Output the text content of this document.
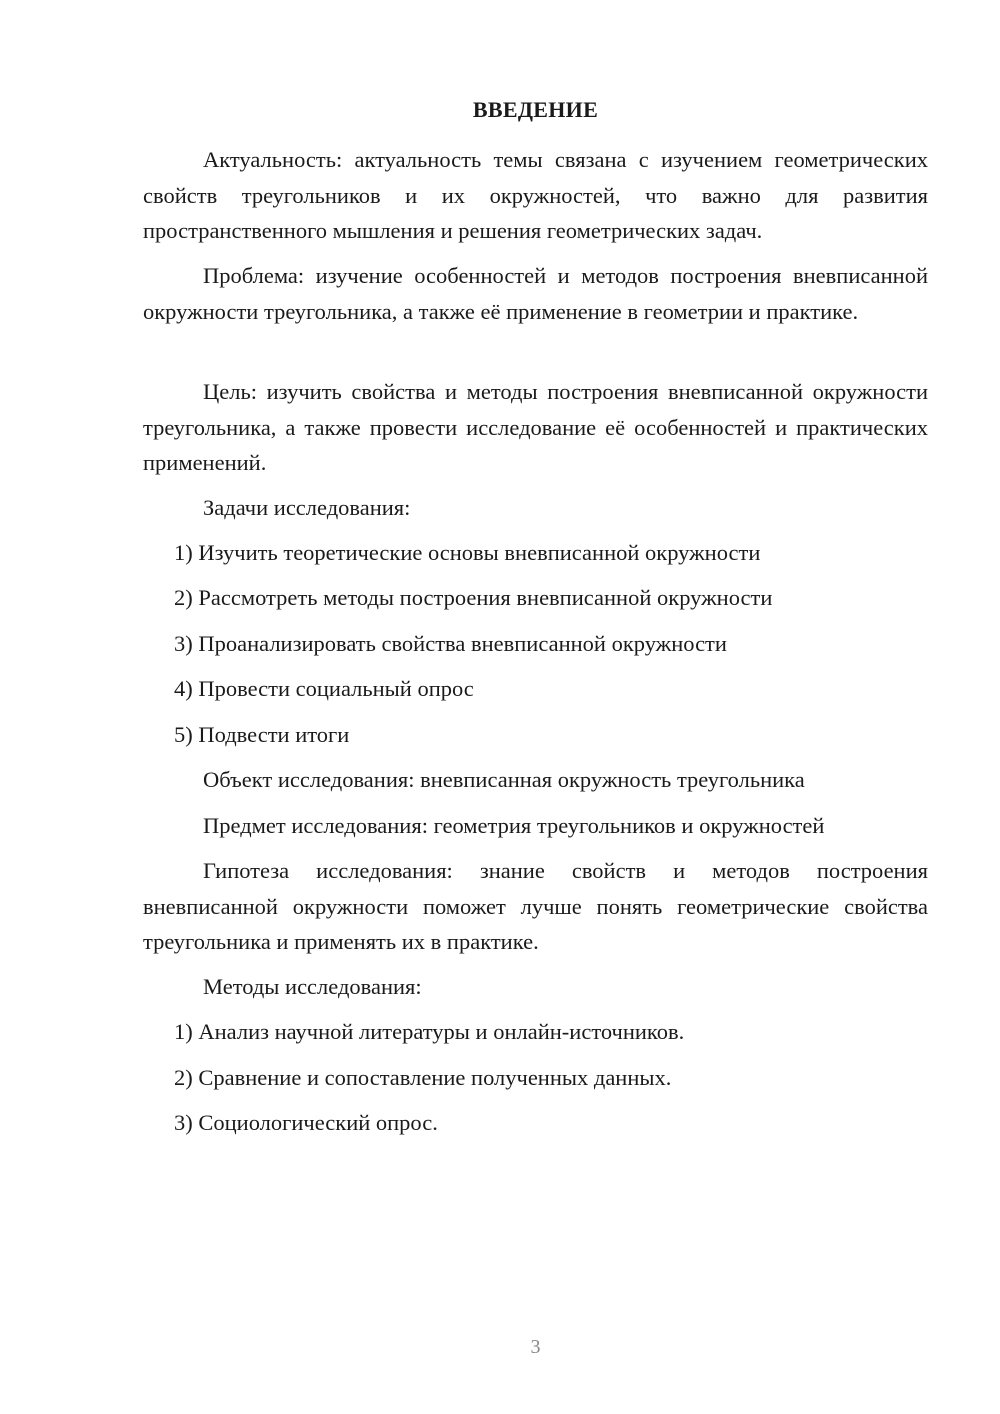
ВВЕДЕНИЕ

Актуальность: актуальность темы связана с изучением геометрических свойств треугольников и их окружностей, что важно для развития пространственного мышления и решения геометрических задач.

Проблема: изучение особенностей и методов построения вневписанной окружности треугольника, а также её применение в геометрии и практике.

Цель: изучить свойства и методы построения вневписанной окружности треугольника, а также провести исследование её особенностей и практических применений.

Задачи исследования:

1) Изучить теоретические основы вневписанной окружности

2) Рассмотреть методы построения вневписанной окружности

3) Проанализировать свойства вневписанной окружности

4) Провести социальный опрос

5) Подвести итоги

Объект исследования: вневписанная окружность треугольника

Предмет исследования: геометрия треугольников и окружностей

Гипотеза исследования: знание свойств и методов построения вневписанной окружности поможет лучше понять геометрические свойства треугольника и применять их в практике.

Методы исследования:

1) Анализ научной литературы и онлайн-источников.

2) Сравнение и сопоставление полученных данных.

3) Социологический опрос.

3
